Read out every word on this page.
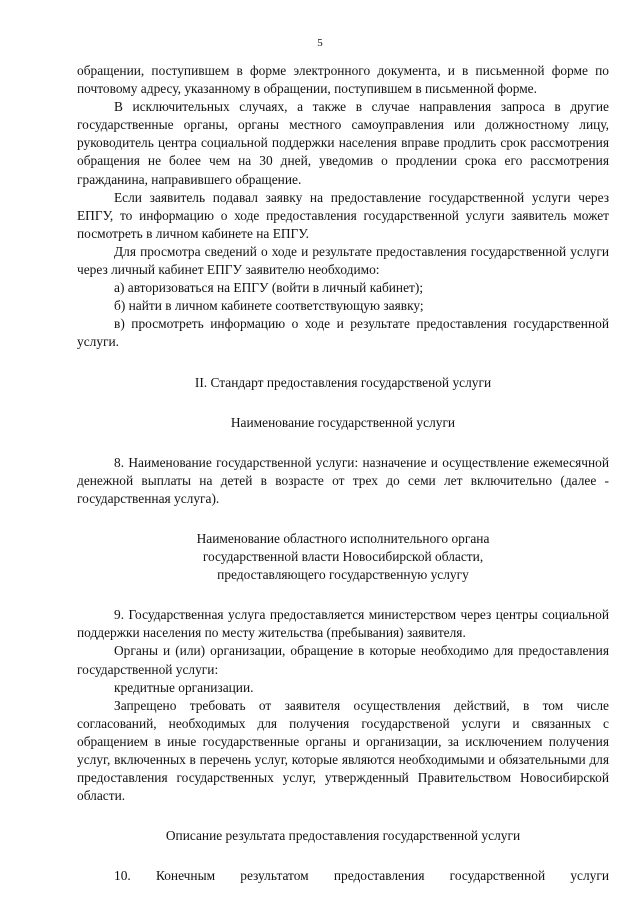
5

обращении, поступившем в форме электронного документа, и в письменной форме по почтовому адресу, указанному в обращении, поступившем в письменной форме.

В исключительных случаях, а также в случае направления запроса в другие государственные органы, органы местного самоуправления или должностному лицу, руководитель центра социальной поддержки населения вправе продлить срок рассмотрения обращения не более чем на 30 дней, уведомив о продлении срока его рассмотрения гражданина, направившего обращение.

Если заявитель подавал заявку на предоставление государственной услуги через ЕПГУ, то информацию о ходе предоставления государственной услуги заявитель может посмотреть в личном кабинете на ЕПГУ.

Для просмотра сведений о ходе и результате предоставления государственной услуги через личный кабинет ЕПГУ заявителю необходимо:

а) авторизоваться на ЕПГУ (войти в личный кабинет);

б) найти в личном кабинете соответствующую заявку;

в) просмотреть информацию о ходе и результате предоставления государственной услуги.

II. Стандарт предоставления государственой услуги

Наименование государственной услуги

8. Наименование государственной услуги: назначение и осуществление ежемесячной денежной выплаты на детей в возрасте от трех до семи лет включительно (далее - государственная услуга).

Наименование областного исполнительного органа

государственной власти Новосибирской области,

предоставляющего государственную услугу

9. Государственная услуга предоставляется министерством через центры социальной поддержки населения по месту жительства (пребывания) заявителя.

Органы и (или) организации, обращение в которые необходимо для предоставления государственной услуги:

кредитные организации.

Запрещено требовать от заявителя осуществления действий, в том числе согласований, необходимых для получения государственой услуги и связанных с обращением в иные государственные органы и организации, за исключением получения услуг, включенных в перечень услуг, которые являются необходимыми и обязательными для предоставления государственных услуг, утвержденный Правительством Новосибирской области.

Описание результата предоставления государственной услуги

10. Конечным результатом предоставления государственной услуги
